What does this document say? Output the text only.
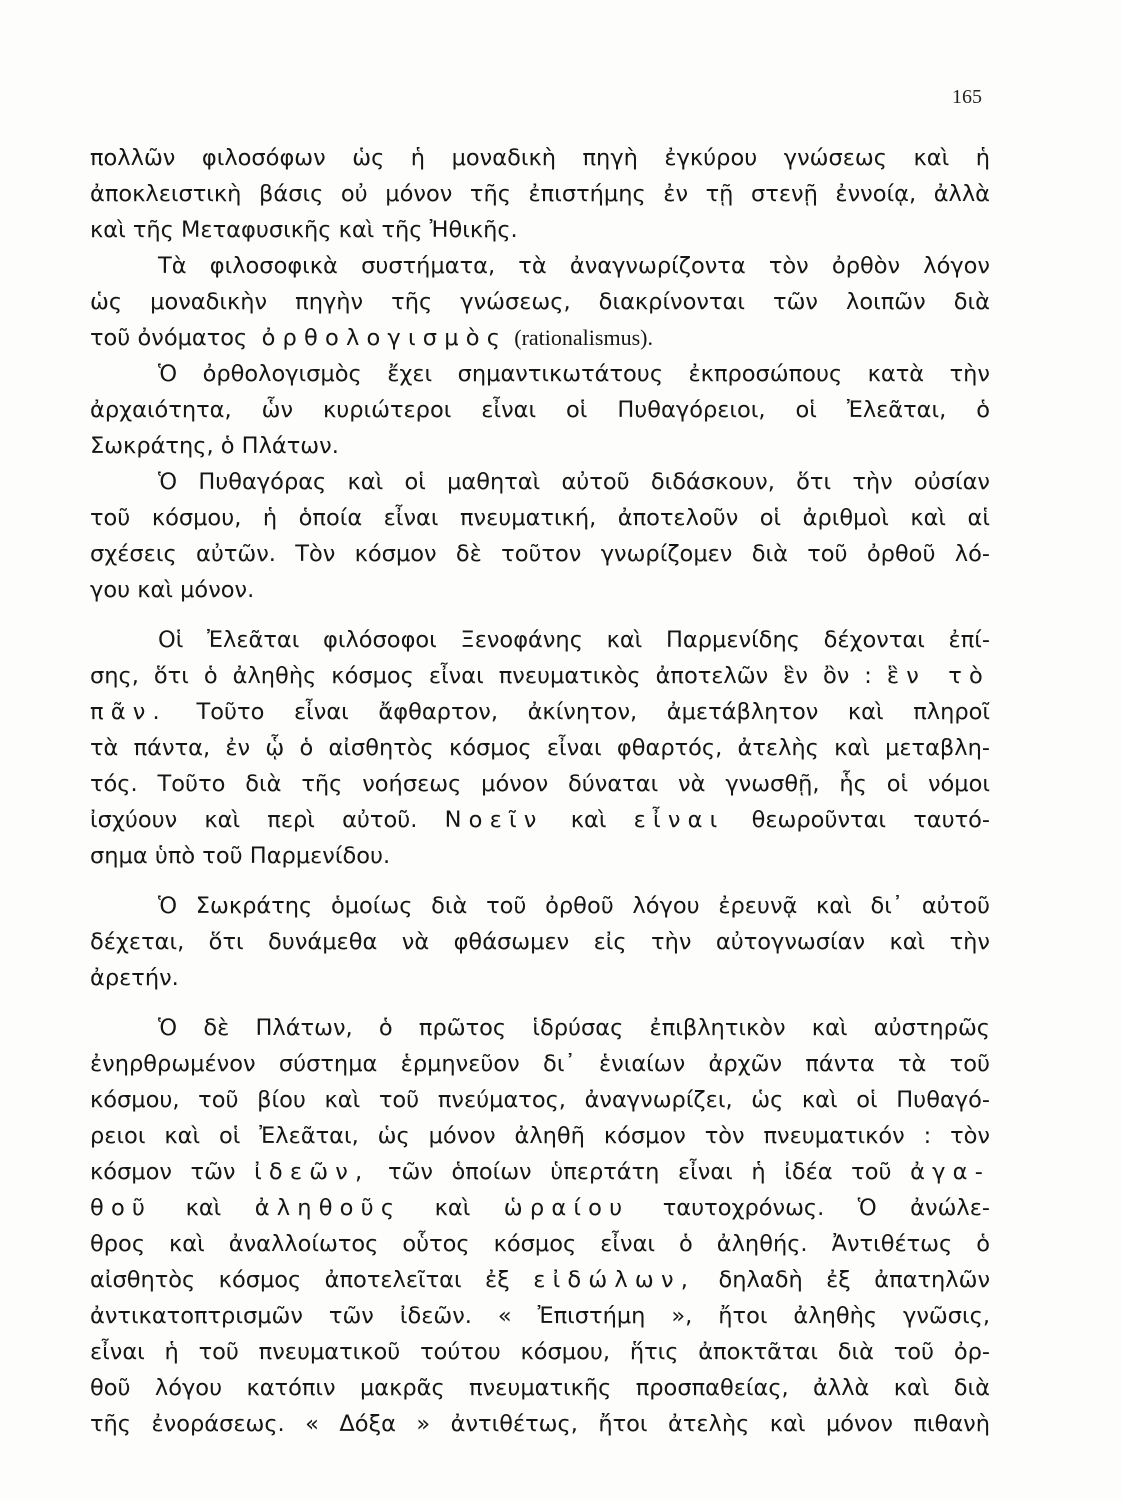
165
πολλῶν φιλοσόφων ὡς ἡ μοναδικὴ πηγὴ ἐγκύρου γνώσεως καὶ ἡ
ἀποκλειστικὴ βάσις οὐ μόνον τῆς ἐπιστήμης ἐν τῇ στενῇ ἐννοίᾳ, ἀλλὰ
καὶ τῆς Μεταφυσικῆς καὶ τῆς Ἠθικῆς.
Τὰ φιλοσοφικὰ συστήματα, τὰ ἀναγνωρίζοντα τὸν ὀρθὸν λόγον
ὡς μοναδικὴν πηγὴν τῆς γνώσεως, διακρίνονται τῶν λοιπῶν διὰ
τοῦ ὀνόματος ὀρθολογισμὸς (rationalismus).
Ὁ ὀρθολογισμὸς ἔχει σημαντικωτάτους ἐκπροσώπους κατὰ τὴν
ἀρχαιότητα, ὧν κυριώτεροι εἶναι οἱ Πυθαγόρειοι, οἱ Ἐλεᾶται, ὁ
Σωκράτης, ὁ Πλάτων.
Ὁ Πυθαγόρας καὶ οἱ μαθηταὶ αὐτοῦ διδάσκουν, ὅτι τὴν οὐσίαν
τοῦ κόσμου, ἡ ὁποία εἶναι πνευματική, ἀποτελοῦν οἱ ἀριθμοὶ καὶ αἱ
σχέσεις αὐτῶν. Τὸν κόσμον δὲ τοῦτον γνωρίζομεν διὰ τοῦ ὀρθοῦ λό-
γου καὶ μόνον.
Οἱ Ἐλεᾶται φιλόσοφοι Ξενοφάνης καὶ Παρμενίδης δέχονται ἐπί-
σης, ὅτι ὁ ἀληθὴς κόσμος εἶναι πνευματικὸς ἀποτελῶν ἓν ὂν : ἓν τὸ
πᾶν. Τοῦτο εἶναι ἄφθαρτον, ἀκίνητον, ἀμετάβλητον καὶ πληροῖ
τὰ πάντα, ἐν ᾧ ὁ αἰσθητὸς κόσμος εἶναι φθαρτός, ἀτελὴς καὶ μεταβλη-
τός. Τοῦτο διὰ τῆς νοήσεως μόνον δύναται νὰ γνωσθῇ, ἧς οἱ νόμοι
ἰσχύουν καὶ περὶ αὐτοῦ. Νοεῖν καὶ εἶναι θεωροῦνται ταυτό-
σημα ὑπὸ τοῦ Παρμενίδου.
Ὁ Σωκράτης ὁμοίως διὰ τοῦ ὀρθοῦ λόγου ἐρευνᾷ καὶ δι᾽ αὐτοῦ
δέχεται, ὅτι δυνάμεθα νὰ φθάσωμεν εἰς τὴν αὐτογνωσίαν καὶ τὴν
ἀρετήν.
Ὁ δὲ Πλάτων, ὁ πρῶτος ἱδρύσας ἐπιβλητικὸν καὶ αὐστηρῶς
ἐνηρθρωμένον σύστημα ἑρμηνεῦον δι᾽ ἑνιαίων ἀρχῶν πάντα τὰ τοῦ
κόσμου, τοῦ βίου καὶ τοῦ πνεύματος, ἀναγνωρίζει, ὡς καὶ οἱ Πυθαγό-
ρειοι καὶ οἱ Ἐλεᾶται, ὡς μόνον ἀληθῆ κόσμον τὸν πνευματικόν : τὸν
κόσμον τῶν ἰδεῶν, τῶν ὁποίων ὑπερτάτη εἶναι ἡ ἰδέα τοῦ ἀγα-
θοῦ καὶ ἀληθοῦς καὶ ὡραίου ταυτοχρόνως. Ὁ ἀνώλε-
θρος καὶ ἀναλλοίωτος οὗτος κόσμος εἶναι ὁ ἀληθής. Ἀντιθέτως ὁ
αἰσθητὸς κόσμος ἀποτελεῖται ἐξ εἰδώλων, δηλαδὴ ἐξ ἀπατηλῶν
ἀντικατοπτρισμῶν τῶν ἰδεῶν. « Ἐπιστήμη », ἤτοι ἀληθὴς γνῶσις,
εἶναι ἡ τοῦ πνευματικοῦ τούτου κόσμου, ἥτις ἀποκτᾶται διὰ τοῦ ὀρ-
θοῦ λόγου κατόπιν μακρᾶς πνευματικῆς προσπαθείας, ἀλλὰ καὶ διὰ
τῆς ἐνοράσεως. « Δόξα » ἀντιθέτως, ἤτοι ἀτελὴς καὶ μόνον πιθανὴ
